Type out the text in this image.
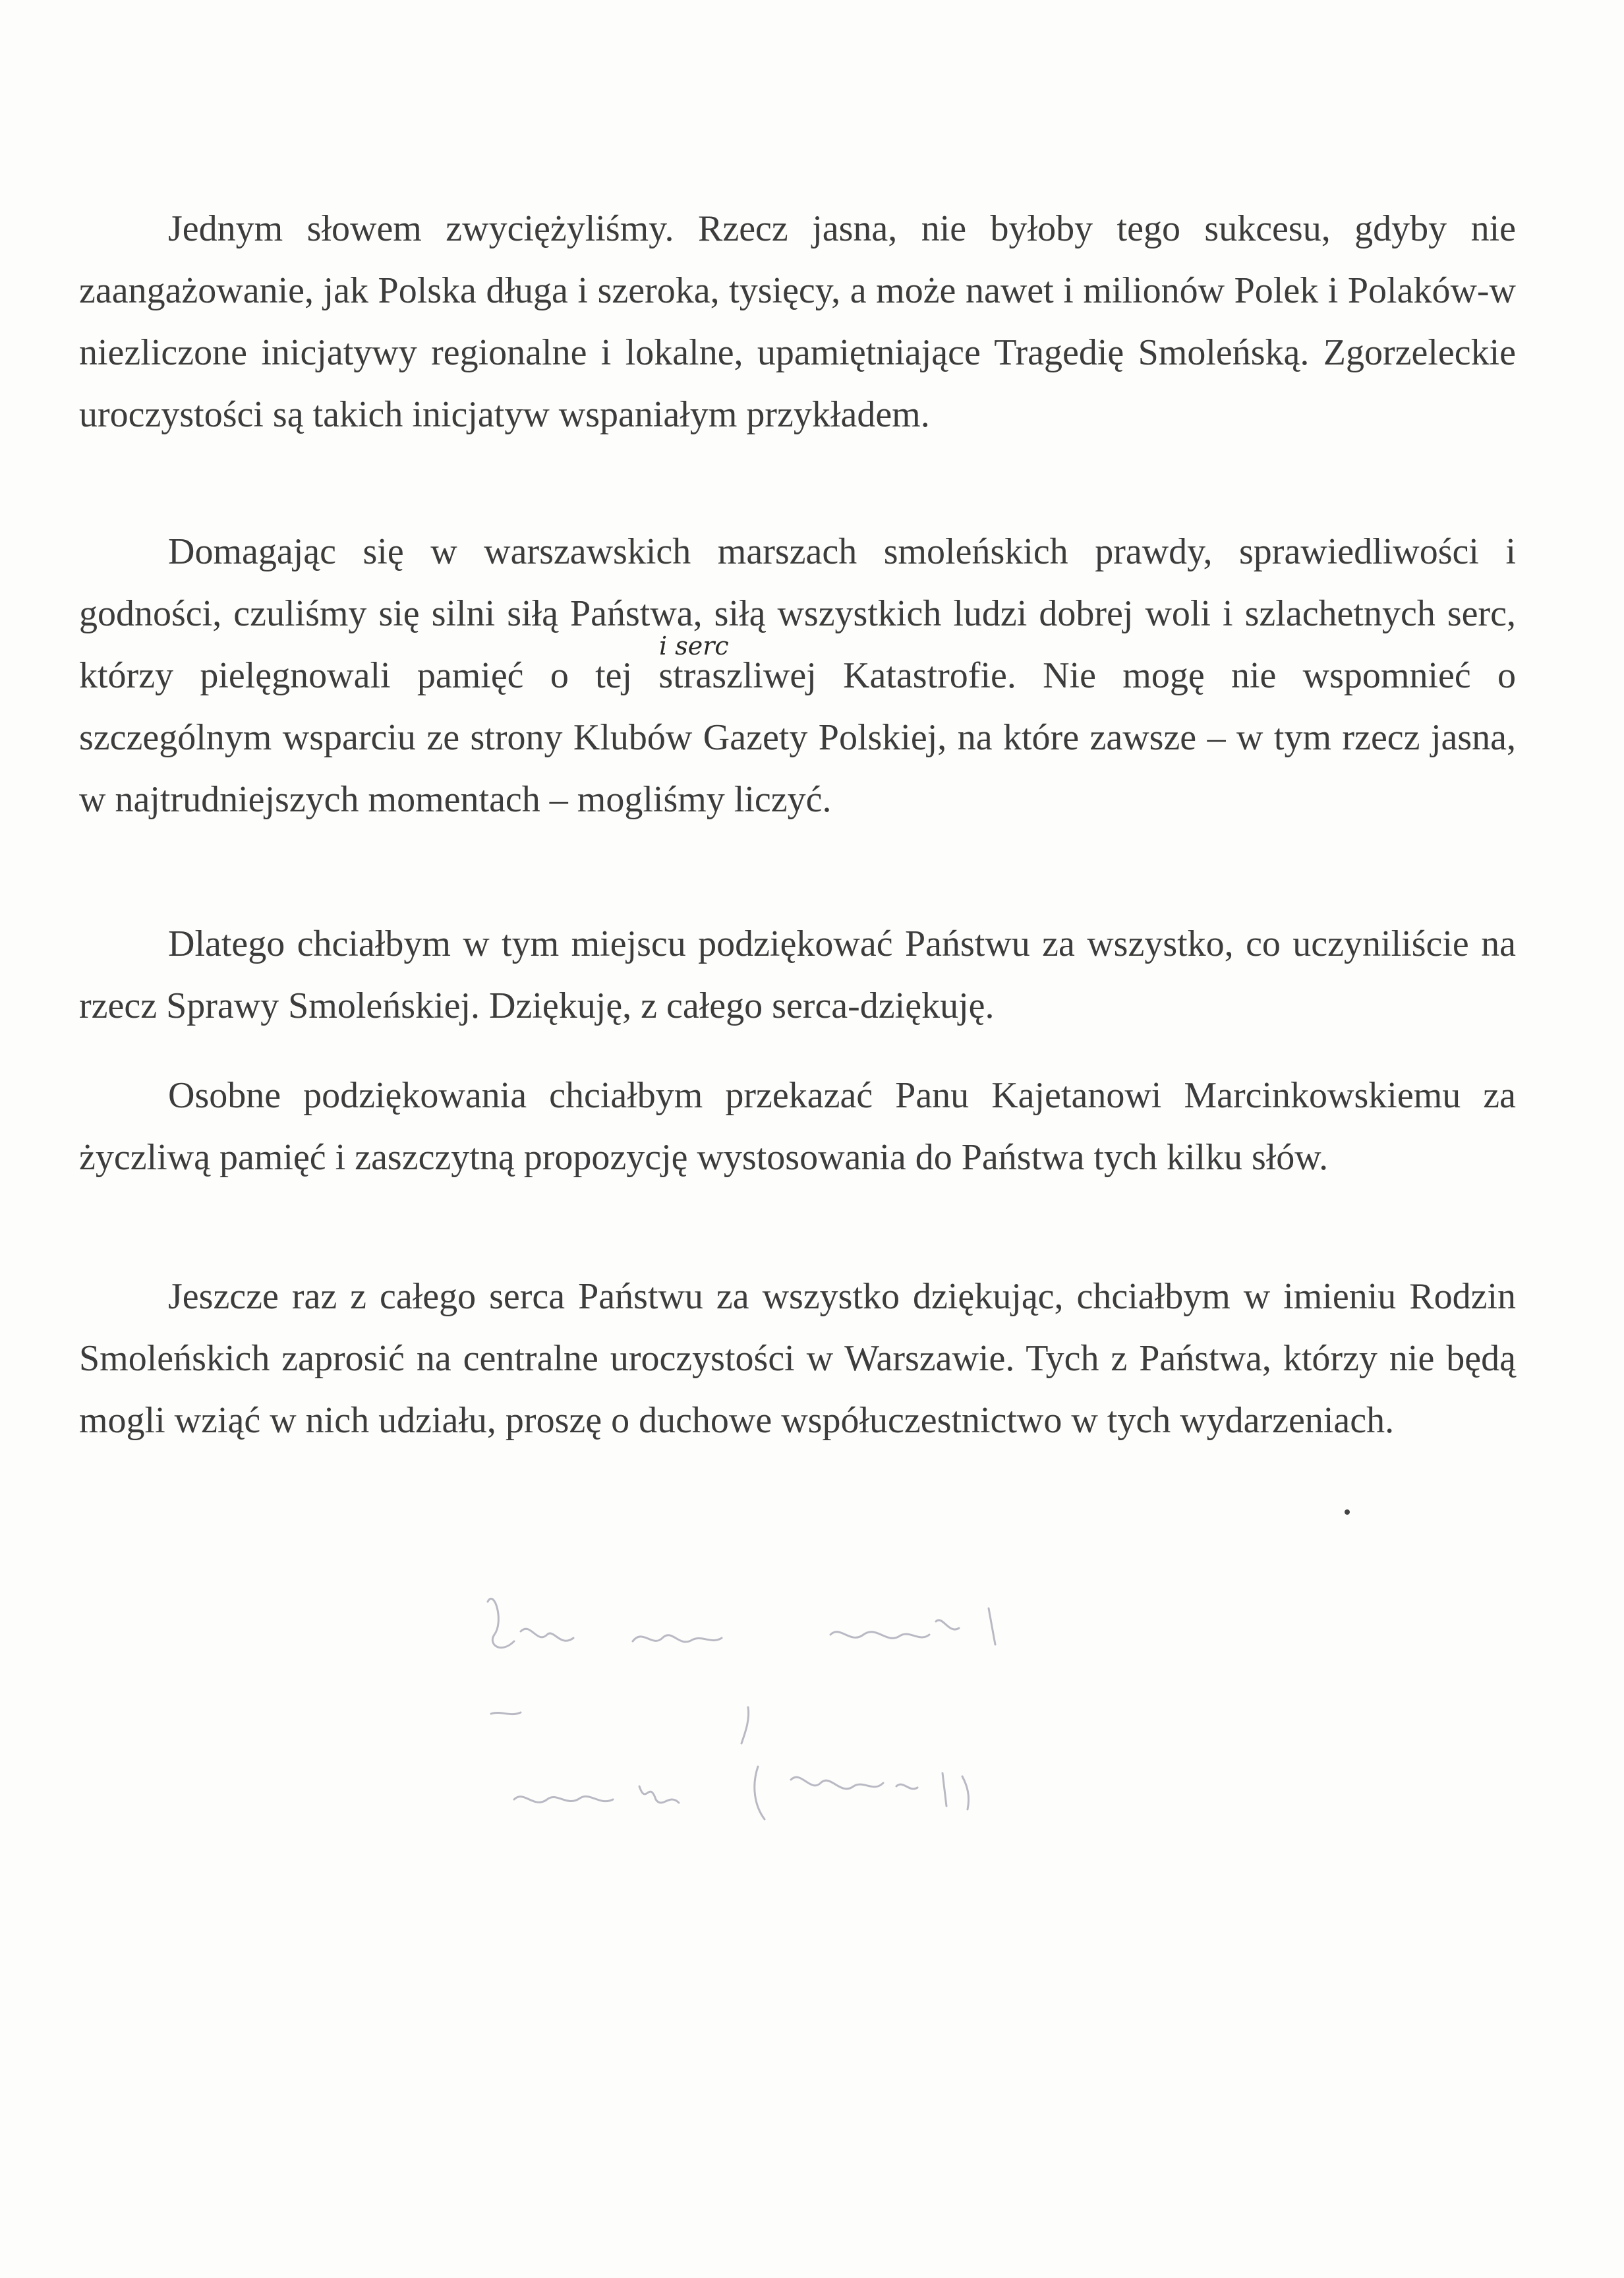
Jednym słowem zwyciężyliśmy. Rzecz jasna, nie byłoby tego sukcesu, gdyby nie zaangażowanie, jak Polska długa i szeroka, tysięcy, a może nawet i milionów Polek i Polaków-w niezliczone inicjatywy regionalne i lokalne, upamiętniające Tragedię Smoleńską. Zgorzeleckie uroczystości są takich inicjatyw wspaniałym przykładem.

Domagając się w warszawskich marszach smoleńskich prawdy, sprawiedliwości i godności, czuliśmy się silni siłą Państwa, siłą wszystkich ludzi dobrej woli i szlachetnych serc, którzy pielęgnowali pamięć o tej straszliwej Katastrofie. Nie mogę nie wspomnieć o szczególnym wsparciu ze strony Klubów Gazety Polskiej, na które zawsze – w tym rzecz jasna, w najtrudniejszych momentach – mogliśmy liczyć.

Dlatego chciałbym w tym miejscu podziękować Państwu za wszystko, co uczyniliście na rzecz Sprawy Smoleńskiej. Dziękuję, z całego serca-dziękuję.

Osobne podziękowania chciałbym przekazać Panu Kajetanowi Marcinkowskiemu za życzliwą pamięć i zaszczytną propozycję wystosowania do Państwa tych kilku słów.

Jeszcze raz z całego serca Państwu za wszystko dziękując, chciałbym w imieniu Rodzin Smoleńskich zaprosić na centralne uroczystości w Warszawie. Tych z Państwa, którzy nie będą mogli wziąć w nich udziału, proszę o duchowe współuczestnictwo w tych wydarzeniach.

i serc
